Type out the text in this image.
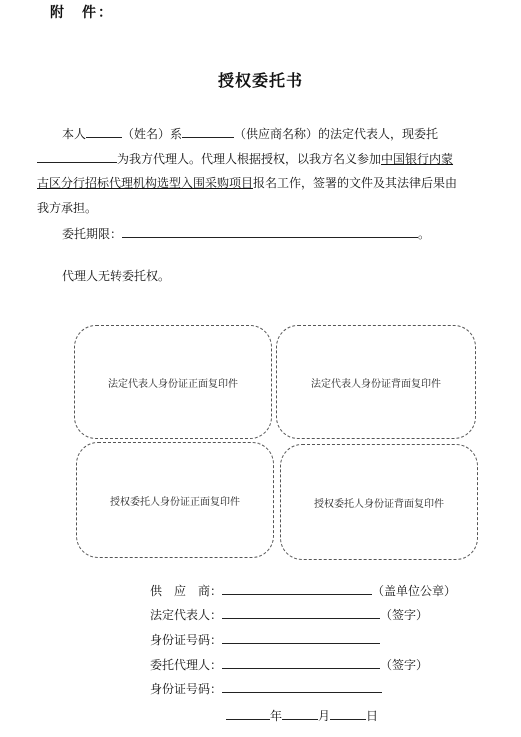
附　件：
授权委托书
本人	（姓名）系	（供应商名称）的法定代表人，现委托
为我方代理人。代理人根据授权，以我方名义参加中国银行内蒙
古区分行招标代理机构选型入围采购项目报名工作，签署的文件及其法律后果由
我方承担。
委托期限：	。
代理人无转委托权。
法定代表人身份证正面复印件	法定代表人身份证背面复印件
授权委托人身份证正面复印件	授权委托人身份证背面复印件
供　应　商：	（盖单位公章）
法定代表人：	（签字）
身份证号码：
委托代理人：	（签字）
身份证号码：
年	月	日
